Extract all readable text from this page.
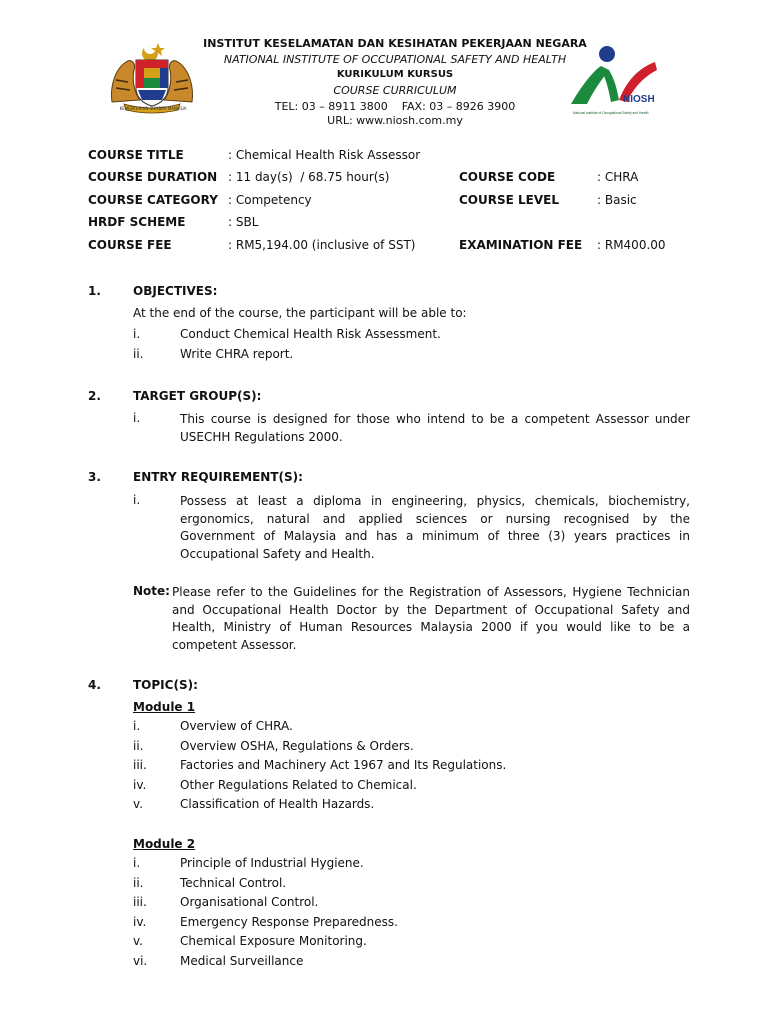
KEMENTERIAN SUMBER MANUSIA
NIOSH
National Institute of Occupational Safety and Health
INSTITUT KESELAMATAN DAN KESIHATAN PEKERJAAN NEGARA
NATIONAL INSTITUTE OF OCCUPATIONAL SAFETY AND HEALTH
KURIKULUM KURSUS
COURSE CURRICULUM
TEL: 03 – 8911 3800    FAX: 03 – 8926 3900
URL: www.niosh.com.my
COURSE TITLE	: Chemical Health Risk Assessor
COURSE DURATION : 11 day(s)  / 68.75 hour(s)	COURSE CODE	: CHRA
COURSE CATEGORY : Competency	COURSE LEVEL	: Basic
HRDF SCHEME	: SBL
COURSE FEE	: RM5,194.00 (inclusive of SST)	EXAMINATION FEE : RM400.00
1.	OBJECTIVES:
At the end of the course, the participant will be able to:
i.	Conduct Chemical Health Risk Assessment.
ii.	Write CHRA report.
2.	TARGET GROUP(S):
i.	This course is designed for those who intend to be a competent Assessor under
USECHH Regulations 2000.
3.	ENTRY REQUIREMENT(S):
i.	Possess at least a diploma in engineering, physics, chemicals, biochemistry,
ergonomics, natural and applied sciences or nursing recognised by the
Government of Malaysia and has a minimum of three (3) years practices in
Occupational Safety and Health.
Note: Please refer to the Guidelines for the Registration of Assessors, Hygiene Technician
and Occupational Health Doctor by the Department of Occupational Safety and
Health, Ministry of Human Resources Malaysia 2000 if you would like to be a
competent Assessor.
4.	TOPIC(S):
Module 1
i.	Overview of CHRA.
ii.	Overview OSHA, Regulations & Orders.
iii.	Factories and Machinery Act 1967 and Its Regulations.
iv.	Other Regulations Related to Chemical.
v.	Classification of Health Hazards.
Module 2
i.	Principle of Industrial Hygiene.
ii.	Technical Control.
iii.	Organisational Control.
iv.	Emergency Response Preparedness.
v.	Chemical Exposure Monitoring.
vi.	Medical Surveillance
